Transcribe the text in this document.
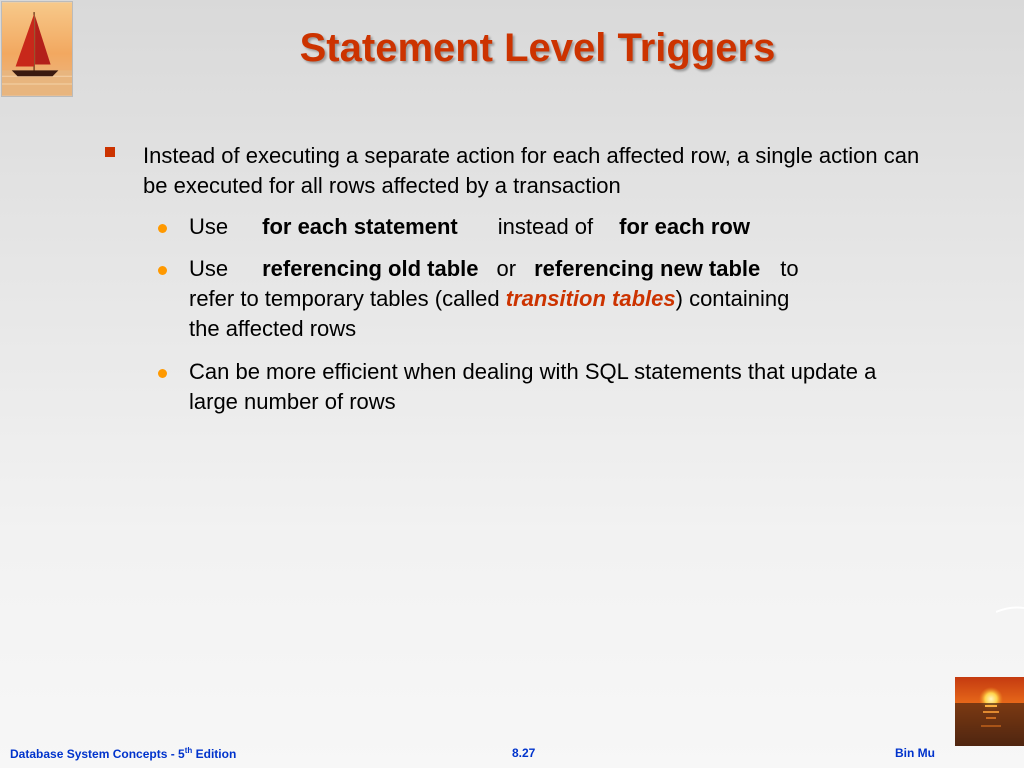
Statement Level Triggers
Instead of executing a separate action for each affected row, a single action can be executed for all rows affected by a transaction
Use for each statement instead of for each row
Use referencing old table or referencing new table to
refer to temporary tables (called transition tables) containing
the affected rows
Can be more efficient when dealing with SQL statements that update a large number of rows
Database System Concepts - 5th Edition	8.27	Bin Mu
